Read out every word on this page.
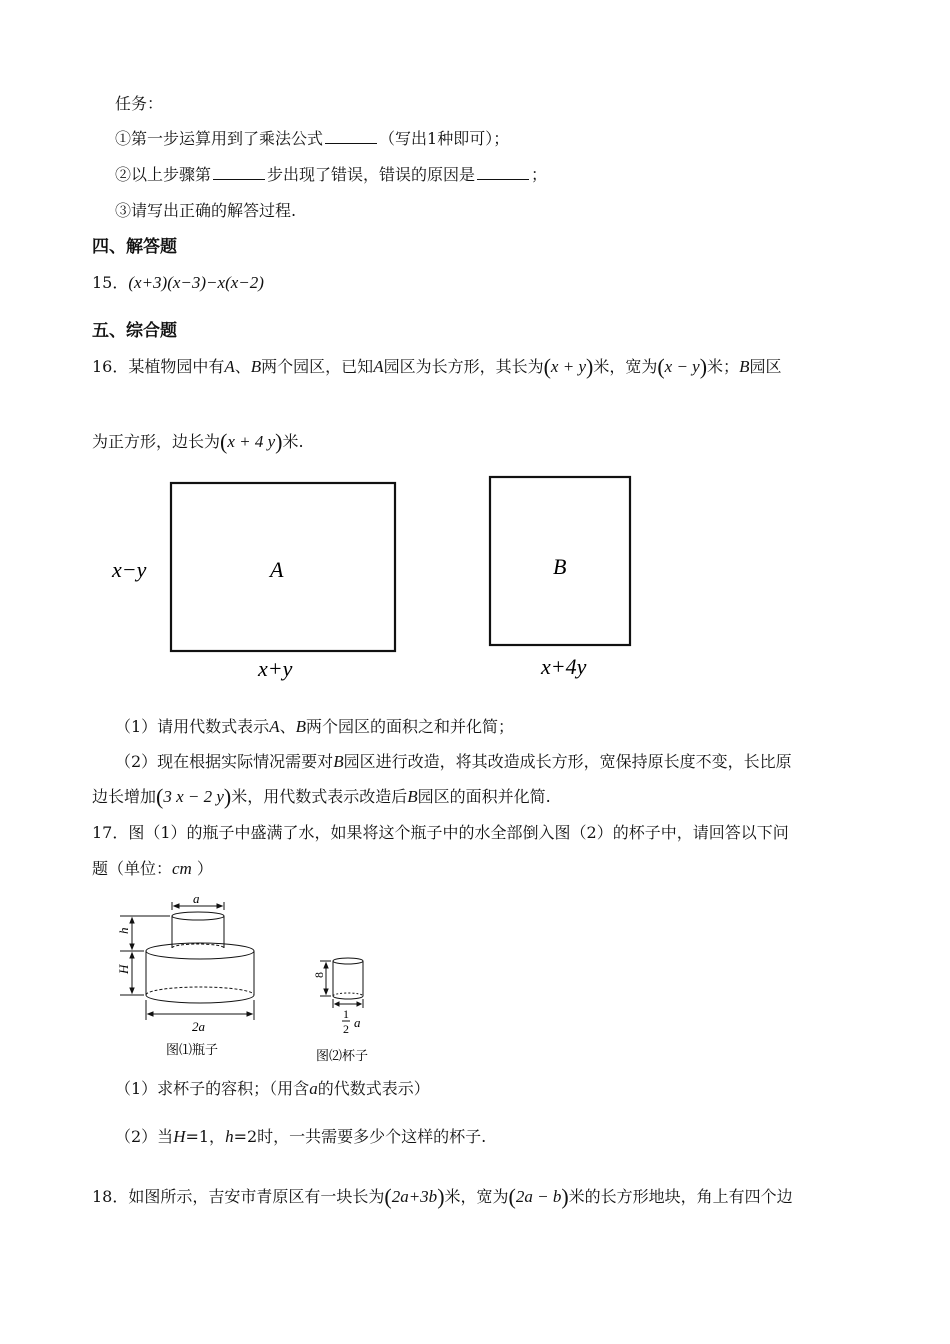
任务：
①第一步运算用到了乘法公式	（写出1种即可）；
②以上步骤第	步出现了错误，错误的原因是	；
③请写出正确的解答过程.
四、解答题
15．(x+3)(x−3)−x(x−2)
五、综合题
16．某植物园中有A、B两个园区，已知A园区为长方形，其长为(x + y)米，宽为(x − y)米；B园区
为正方形，边长为(x + 4 y)米.
x−y	A
x+y
B
x+4y
（1）请用代数式表示A、B两个园区的面积之和并化简；
（2）现在根据实际情况需要对B园区进行改造，将其改造成长方形，宽保持原长度不变，长比原
边长增加(3 x − 2 y)米，用代数式表示改造后B园区的面积并化简.
17．图（1）的瓶子中盛满了水，如果将这个瓶子中的水全部倒入图（2）的杯子中，请回答以下问
题（单位：cm ）
a
h
H
2a
图⑴瓶子
8
1
2 a
图⑵杯子
（1）求杯子的容积；（用含a的代数式表示）
（2）当H=1，h=2时，一共需要多少个这样的杯子.
18．如图所示，吉安市青原区有一块长为(2a+3b)米，宽为(2a − b)米的长方形地块，角上有四个边
